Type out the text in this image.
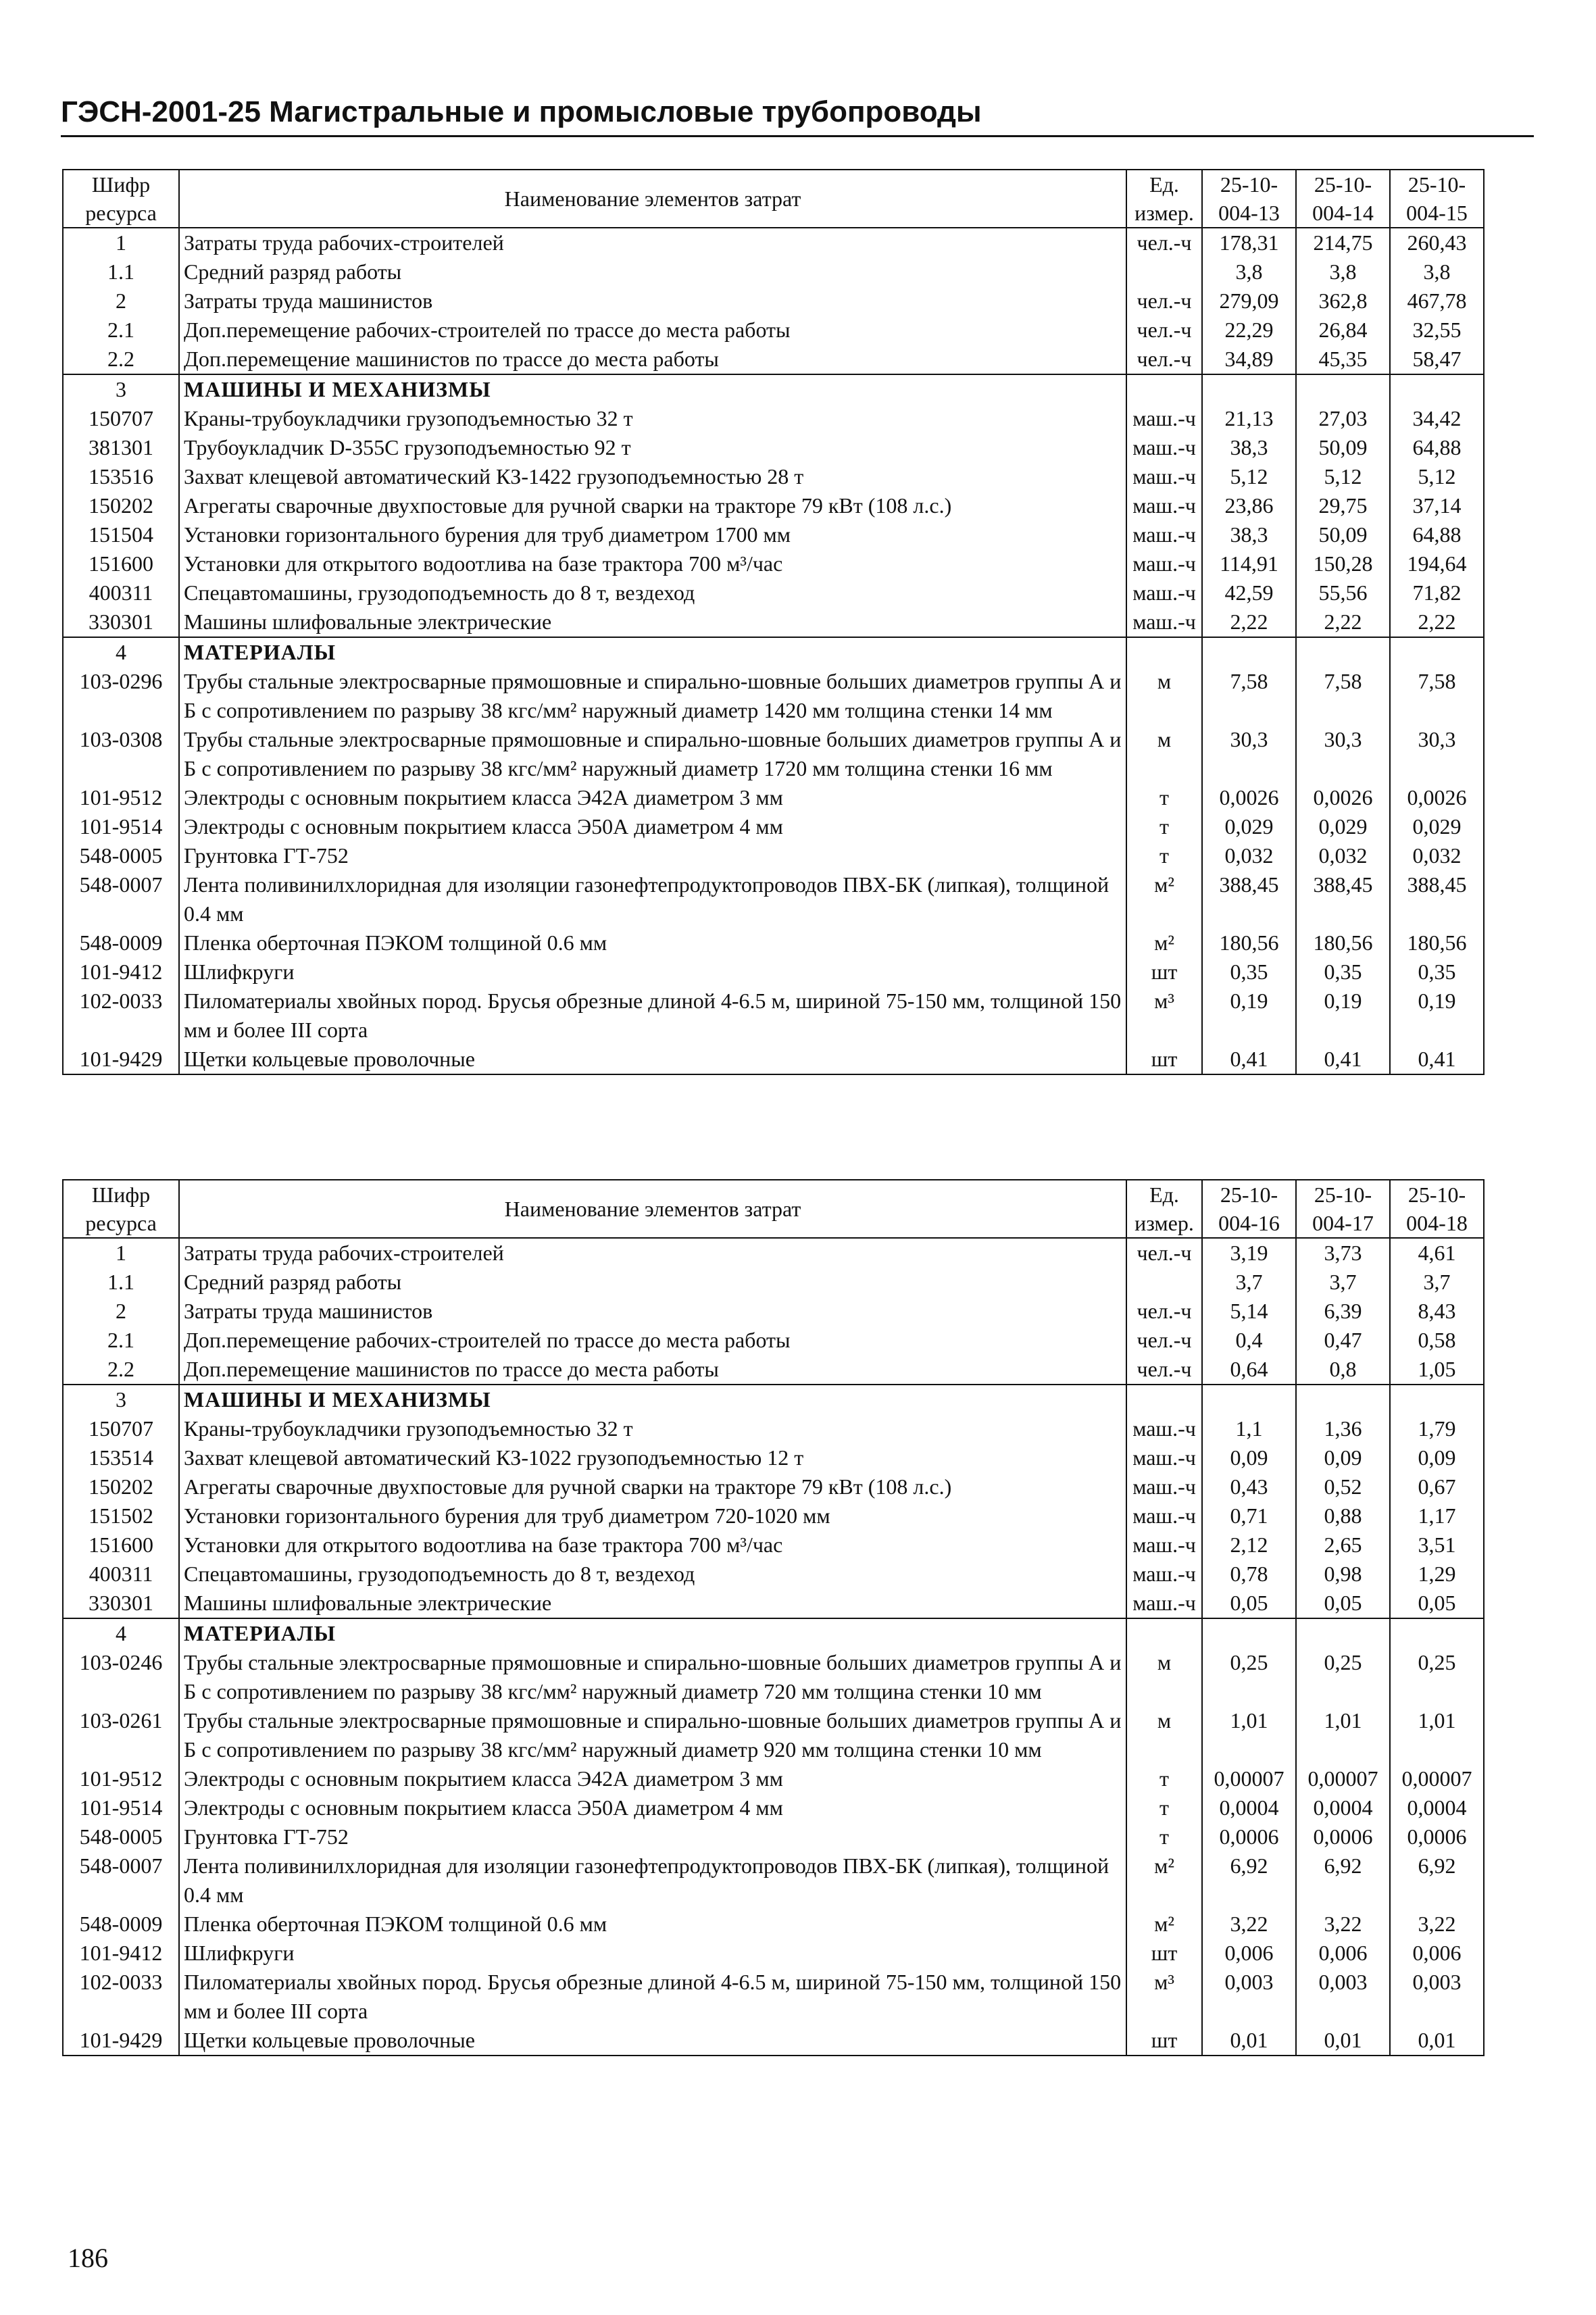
ГЭСН-2001-25 Магистральные и промысловые трубопроводы
Шифр ресурса	Наименование элементов затрат	Ед. измер.	25-10-004-13	25-10-004-14	25-10-004-15
1	Затраты труда рабочих-строителей	чел.-ч	178,31	214,75	260,43
1.1	Средний разряд работы		3,8	3,8	3,8
2	Затраты труда машинистов	чел.-ч	279,09	362,8	467,78
2.1	Доп.перемещение рабочих-строителей по трассе до места работы	чел.-ч	22,29	26,84	32,55
2.2	Доп.перемещение машинистов по трассе до места работы	чел.-ч	34,89	45,35	58,47
3	МАШИНЫ И МЕХАНИЗМЫ				
150707	Краны-трубоукладчики грузоподъемностью 32 т	маш.-ч	21,13	27,03	34,42
381301	Трубоукладчик D-355C грузоподъемностью 92 т	маш.-ч	38,3	50,09	64,88
153516	Захват клещевой автоматический КЗ-1422 грузоподъемностью 28 т	маш.-ч	5,12	5,12	5,12
150202	Агрегаты сварочные двухпостовые для ручной сварки на тракторе 79 кВт (108 л.с.)	маш.-ч	23,86	29,75	37,14
151504	Установки горизонтального бурения для труб диаметром 1700 мм	маш.-ч	38,3	50,09	64,88
151600	Установки для открытого водоотлива на базе трактора 700 м³/час	маш.-ч	114,91	150,28	194,64
400311	Спецавтомашины, грузодоподъемность до 8 т, вездеход	маш.-ч	42,59	55,56	71,82
330301	Машины шлифовальные электрические	маш.-ч	2,22	2,22	2,22
4	МАТЕРИАЛЫ				
103-0296	Трубы стальные электросварные прямошовные и спирально-шовные больших диаметров группы А и Б с сопротивлением по разрыву 38 кгс/мм² наружный диаметр 1420 мм толщина стенки 14 мм	м	7,58	7,58	7,58
103-0308	Трубы стальные электросварные прямошовные и спирально-шовные больших диаметров группы А и Б с сопротивлением по разрыву 38 кгс/мм² наружный диаметр 1720 мм толщина стенки 16 мм	м	30,3	30,3	30,3
101-9512	Электроды с основным покрытием класса Э42А диаметром 3 мм	т	0,0026	0,0026	0,0026
101-9514	Электроды с основным покрытием класса Э50А диаметром 4 мм	т	0,029	0,029	0,029
548-0005	Грунтовка ГТ-752	т	0,032	0,032	0,032
548-0007	Лента поливинилхлоридная для изоляции газонефтепродуктопроводов ПВХ-БК (липкая), толщиной 0.4 мм	м²	388,45	388,45	388,45
548-0009	Пленка оберточная ПЭКОМ толщиной 0.6 мм	м²	180,56	180,56	180,56
101-9412	Шлифкруги	шт	0,35	0,35	0,35
102-0033	Пиломатериалы хвойных пород. Брусья обрезные длиной 4-6.5 м, шириной 75-150 мм, толщиной 150 мм и более III сорта	м³	0,19	0,19	0,19
101-9429	Щетки кольцевые проволочные	шт	0,41	0,41	0,41
Шифр ресурса	Наименование элементов затрат	Ед. измер.	25-10-004-16	25-10-004-17	25-10-004-18
1	Затраты труда рабочих-строителей	чел.-ч	3,19	3,73	4,61
1.1	Средний разряд работы		3,7	3,7	3,7
2	Затраты труда машинистов	чел.-ч	5,14	6,39	8,43
2.1	Доп.перемещение рабочих-строителей по трассе до места работы	чел.-ч	0,4	0,47	0,58
2.2	Доп.перемещение машинистов по трассе до места работы	чел.-ч	0,64	0,8	1,05
3	МАШИНЫ И МЕХАНИЗМЫ				
150707	Краны-трубоукладчики грузоподъемностью 32 т	маш.-ч	1,1	1,36	1,79
153514	Захват клещевой автоматический КЗ-1022 грузоподъемностью 12 т	маш.-ч	0,09	0,09	0,09
150202	Агрегаты сварочные двухпостовые для ручной сварки на тракторе 79 кВт (108 л.с.)	маш.-ч	0,43	0,52	0,67
151502	Установки горизонтального бурения для труб диаметром 720-1020 мм	маш.-ч	0,71	0,88	1,17
151600	Установки для открытого водоотлива на базе трактора 700 м³/час	маш.-ч	2,12	2,65	3,51
400311	Спецавтомашины, грузодоподъемность до 8 т, вездеход	маш.-ч	0,78	0,98	1,29
330301	Машины шлифовальные электрические	маш.-ч	0,05	0,05	0,05
4	МАТЕРИАЛЫ				
103-0246	Трубы стальные электросварные прямошовные и спирально-шовные больших диаметров группы А и Б с сопротивлением по разрыву 38 кгс/мм² наружный диаметр 720 мм толщина стенки 10 мм	м	0,25	0,25	0,25
103-0261	Трубы стальные электросварные прямошовные и спирально-шовные больших диаметров группы А и Б с сопротивлением по разрыву 38 кгс/мм² наружный диаметр 920 мм толщина стенки 10 мм	м	1,01	1,01	1,01
101-9512	Электроды с основным покрытием класса Э42А диаметром 3 мм	т	0,00007	0,00007	0,00007
101-9514	Электроды с основным покрытием класса Э50А диаметром 4 мм	т	0,0004	0,0004	0,0004
548-0005	Грунтовка ГТ-752	т	0,0006	0,0006	0,0006
548-0007	Лента поливинилхлоридная для изоляции газонефтепродуктопроводов ПВХ-БК (липкая), толщиной 0.4 мм	м²	6,92	6,92	6,92
548-0009	Пленка оберточная ПЭКОМ толщиной 0.6 мм	м²	3,22	3,22	3,22
101-9412	Шлифкруги	шт	0,006	0,006	0,006
102-0033	Пиломатериалы хвойных пород. Брусья обрезные длиной 4-6.5 м, шириной 75-150 мм, толщиной 150 мм и более III сорта	м³	0,003	0,003	0,003
101-9429	Щетки кольцевые проволочные	шт	0,01	0,01	0,01
186
